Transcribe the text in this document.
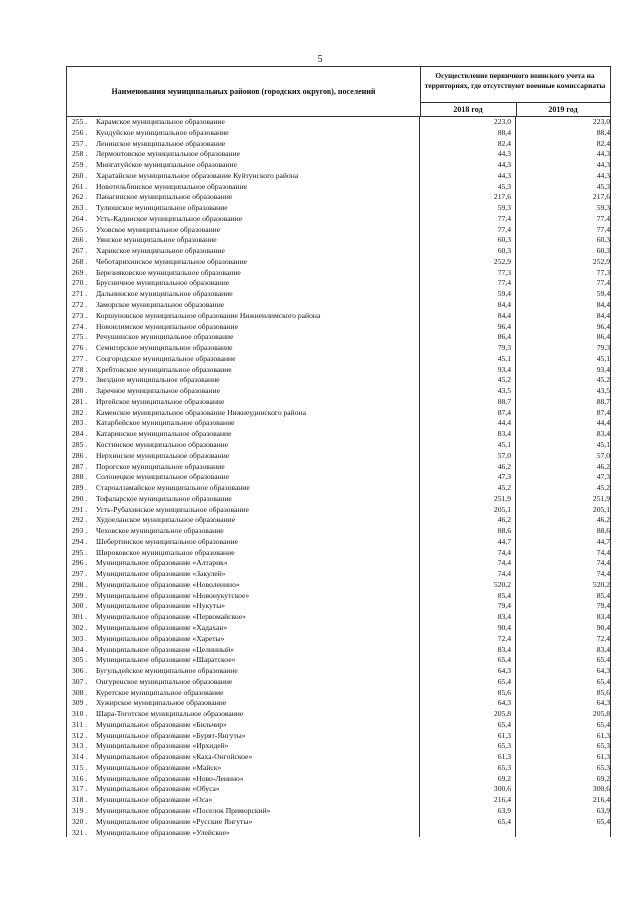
5
Наименования муниципальных районов (городских округов), поселений
Осуществление первичного воинского учета на территориях, где отсутствуют военные комиссариаты
2018 год	2019 год
255 .	Карамское муниципальное образование	223,0	223,0
256 .	Кундуйское муниципальное образование	88,4	88,4
257 .	Ленинское муниципальное образование	82,4	82,4
258 .	Лермонтовское муниципальное образование	44,3	44,3
259 .	Мингатуйское муниципальное образование	44,3	44,3
260 .	Харатайское муниципальное образование Куйтунского района	44,3	44,3
261 .	Новотельбинское муниципальное образование	45,3	45,3
262 .	Панагинское муниципальное образование	217,6	217,6
263 .	Тулюшское муниципальное образование	59,3	59,3
264 .	Усть-Кадинское муниципальное образование	77,4	77,4
265 .	Уховское муниципальное образование	77,4	77,4
266 .	Уянское муниципальное образование	60,3	60,3
267 .	Харикское муниципальное образование	60,3	60,3
268 .	Чеботарихинское муниципальное образование	252,9	252,9
269 .	Березняковское муниципальное образование	77,3	77,3
270 .	Брусничное муниципальное образование	77,4	77,4
271 .	Дальнинское муниципальное образование	59,4	59,4
272 .	Заморское муниципальное образование	84,4	84,4
273 .	Коршуновское муниципальное образование Нижнеилимского района	84,4	84,4
274 .	Новоилимское муниципальное образование	96,4	96,4
275 .	Речушинское муниципальное образование	86,4	86,4
276 .	Семигорское муниципальное образование	79,3	79,3
277 .	Соцгородское муниципальное образование	45,1	45,1
278 .	Хребтовское муниципальное образование	93,4	93,4
279 .	Звездное муниципальное образование	45,2	45,2
280 .	Заречное муниципальное образование	43,5	43,5
281 .	Иргейское муниципальное образование	88,7	88,7
282 .	Каменское муниципальное образование Нижнеудинского района	87,4	87,4
283 .	Катарбейское муниципальное образование	44,4	44,4
284 .	Катаринское муниципальное образование	83,4	83,4
285 .	Костинское муниципальное образование	45,1	45,1
286 .	Нерхинское муниципальное образование	57,0	57,0
287 .	Порогское муниципальное образование	46,2	46,2
288 .	Солонецкое муниципальное образование	47,3	47,3
289 .	Староалзамайское муниципальное образование	45,2	45,2
290 .	Тофаларское муниципальное образование	251,9	251,9
291 .	Усть-Рубахинское муниципальное образование	205,1	205,1
292 .	Худоеланское муниципальное образование	46,2	46,2
293 .	Чеховское муниципальное образование	88,6	88,6
294 .	Шебертинское муниципальное образование	44,7	44,7
295 .	Широковское муниципальное образование	74,4	74,4
296 .	Муниципальное образование «Алтарик»	74,4	74,4
297 .	Муниципальное образование «Закулей»	74,4	74,4
298 .	Муниципальное образование «Новоленино»	520,2	520,2
299 .	Муниципальное образование «Новонукутское»	85,4	85,4
300 .	Муниципальное образование «Нукуты»	79,4	79,4
301 .	Муниципальное образование «Первомайское»	83,4	83,4
302 .	Муниципальное образование «Хадахан»	90,4	90,4
303 .	Муниципальное образование «Хареты»	72,4	72,4
304 .	Муниципальное образование «Целинный»	83,4	83,4
305 .	Муниципальное образование «Шаратское»	65,4	65,4
306 .	Бугульдейское муниципальное образование	64,3	64,3
307 .	Онгуренское муниципальное образование	65,4	65,4
308 .	Куретское муниципальное образование	85,6	85,6
309 .	Хужирское муниципальное образование	64,3	64,3
310 .	Шара-Тоготское муниципальное образование	205,8	205,8
311 .	Муниципальное образование «Бильчир»	65,4	65,4
312 .	Муниципальное образование «Бурят-Янгуты»	61,3	61,3
313 .	Муниципальное образование «Ирхидей»	65,3	65,3
314 .	Муниципальное образование «Каха-Онгойское»	61,3	61,3
315 .	Муниципальное образование «Майск»	65,3	65,3
316 .	Муниципальное образование «Ново-Ленино»	69,2	69,2
317 .	Муниципальное образование «Обуса»	300,6	300,6
318 .	Муниципальное образование «Оса»	216,4	216,4
319 .	Муниципальное образование «Поселок Приморский»	63,9	63,9
320 .	Муниципальное образование «Русские Янгуты»	65,4	65,4
321 .	Муниципальное образование «Улейское»
